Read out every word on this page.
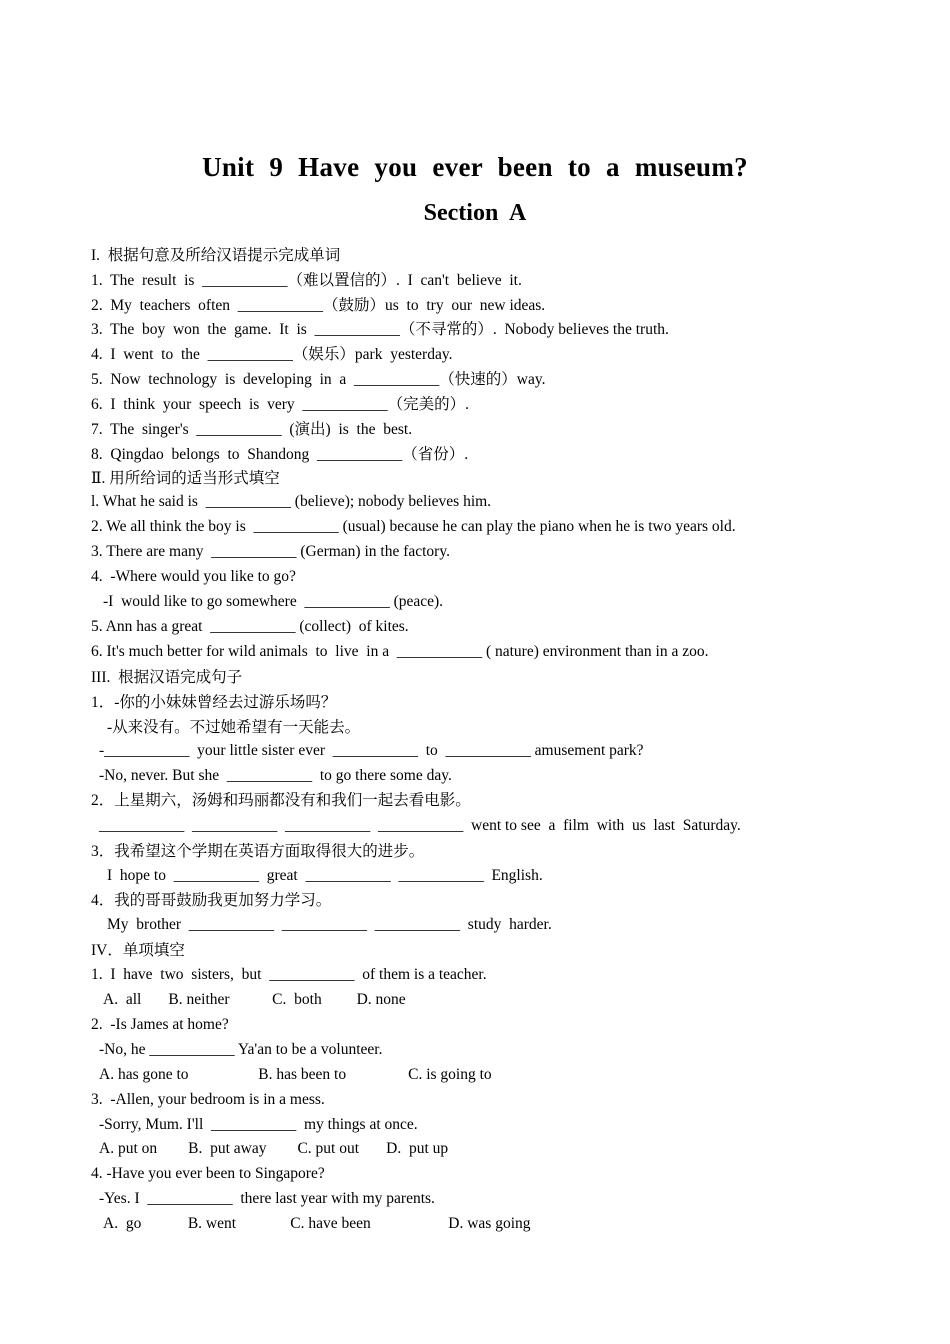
Unit 9 Have you ever been to a museum?
Section A
I.  根据句意及所给汉语提示完成单词
1.  The  result  is  ___________（难以置信的）.  I  can't  believe  it.
2.  My  teachers  often  ___________（鼓励）us  to  try  our  new ideas.
3.  The  boy  won  the  game.  It  is  ___________（不寻常的）.  Nobody believes the truth.
4.  I  went  to  the  ___________（娱乐）park  yesterday.
5.  Now  technology  is  developing  in  a  ___________（快速的）way.
6.  I  think  your  speech  is  very  ___________（完美的）.
7.  The  singer's  ___________  (演出)  is  the  best.
8.  Qingdao  belongs  to  Shandong  ___________（省份）.
Ⅱ. 用所给词的适当形式填空
l. What he said is  ___________ (believe); nobody believes him.
2. We all think the boy is  ___________ (usual) because he can play the piano when he is two years old.
3. There are many  ___________ (German) in the factory.
4.  -Where would you like to go?
-I  would like to go somewhere  ___________ (peace).
5. Ann has a great  ___________ (collect)  of kites.
6. It's much better for wild animals  to  live  in a  ___________ ( nature) environment than in a zoo.
III.  根据汉语完成句子
1．-你的小妹妹曾经去过游乐场吗？
-从来没有。不过她希望有一天能去。
-___________  your little sister ever  ___________  to  ___________ amusement park?
-No, never. But she  ___________  to go there some day.
2．上星期六，汤姆和玛丽都没有和我们一起去看电影。
___________  ___________  ___________  ___________  went to see  a  film  with  us  last  Saturday.
3．我希望这个学期在英语方面取得很大的进步。
I  hope to  ___________  great  ___________  ___________  English.
4．我的哥哥鼓励我更加努力学习。
My  brother  ___________  ___________  ___________  study  harder.
IV．单项填空
1.  I  have  two  sisters,  but  ___________  of them is a teacher.
A.  all       B. neither           C.  both         D. none
2.  -Is James at home?
-No, he ___________ Ya'an to be a volunteer.
A. has gone to                  B. has been to                C. is going to
3.  -Allen, your bedroom is in a mess.
-Sorry, Mum. I'll  ___________  my things at once.
A. put on        B.  put away        C. put out       D.  put up
4. -Have you ever been to Singapore?
-Yes. I  ___________  there last year with my parents.
A.  go            B. went              C. have been                    D. was going
